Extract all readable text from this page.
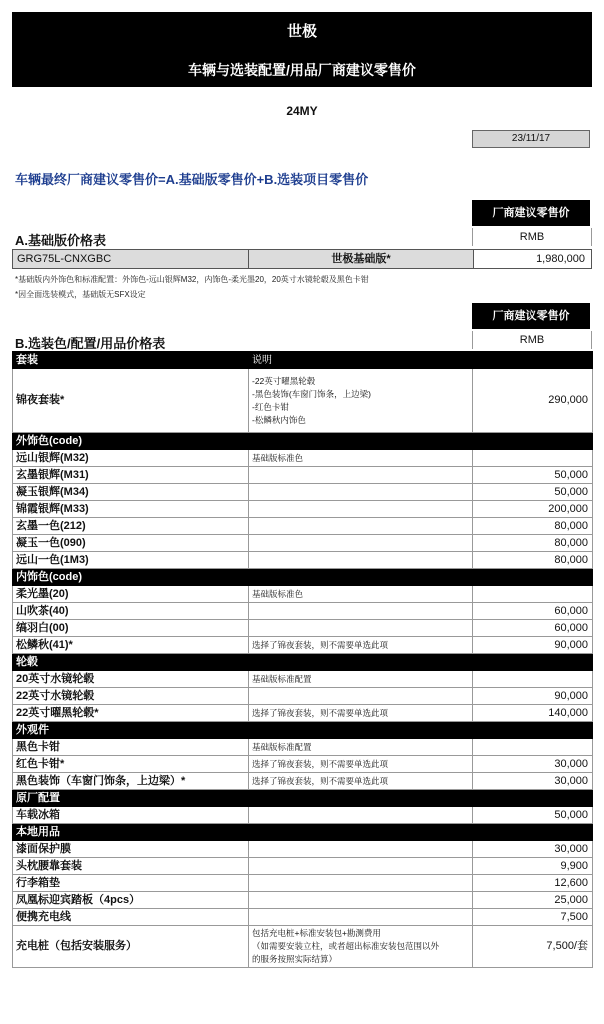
世极
车辆与选装配置/用品厂商建议零售价
24MY
23/11/17
车辆最终厂商建议零售价=A.基础版零售价+B.选装项目零售价
厂商建议零售价
RMB
A.基础版价格表
GRG75L-CNXGBC	世极基础版*	1,980,000
*基础版内外饰色和标准配置：外饰色-远山银辉M32，内饰色-柔光墨20，20英寸水镜轮毂及黑色卡钳
*因全面选装模式，基础版无SFX设定
厂商建议零售价
RMB
B.选装色/配置/用品价格表
套装	说明	
锦夜套装*	-22英寸曜黑轮毂
-黑色装饰(车窗门饰条，上边梁)
-红色卡钳
-松鳞秋内饰色	290,000
外饰色(code)		
远山银辉(M32)	基础版标准色	
玄墨银辉(M31)		50,000
凝玉银辉(M34)		50,000
锦霞银辉(M33)		200,000
玄墨一色(212)		80,000
凝玉一色(090)		80,000
远山一色(1M3)		80,000
内饰色(code)		
柔光墨(20)	基础版标准色	
山吹茶(40)		60,000
缟羽白(00)		60,000
松鳞秋(41)*	选择了锦夜套装，则不需要单选此项	90,000
轮毂		
20英寸水镜轮毂	基础版标准配置	
22英寸水镜轮毂		90,000
22英寸曜黑轮毂*	选择了锦夜套装，则不需要单选此项	140,000
外观件		
黑色卡钳	基础版标准配置	
红色卡钳*	选择了锦夜套装，则不需要单选此项	30,000
黑色装饰（车窗门饰条，上边梁）*	选择了锦夜套装，则不需要单选此项	30,000
原厂配置		
车载冰箱		50,000
本地用品		
漆面保护膜		30,000
头枕腰靠套装		9,900
行李箱垫		12,600
凤凰标迎宾踏板（4pcs）		25,000
便携充电线		7,500
充电桩（包括安装服务）	包括充电桩+标准安装包+勘测费用
（如需要安装立柱，或者超出标准安装包范围以外
的服务按照实际结算）	7,500/套
